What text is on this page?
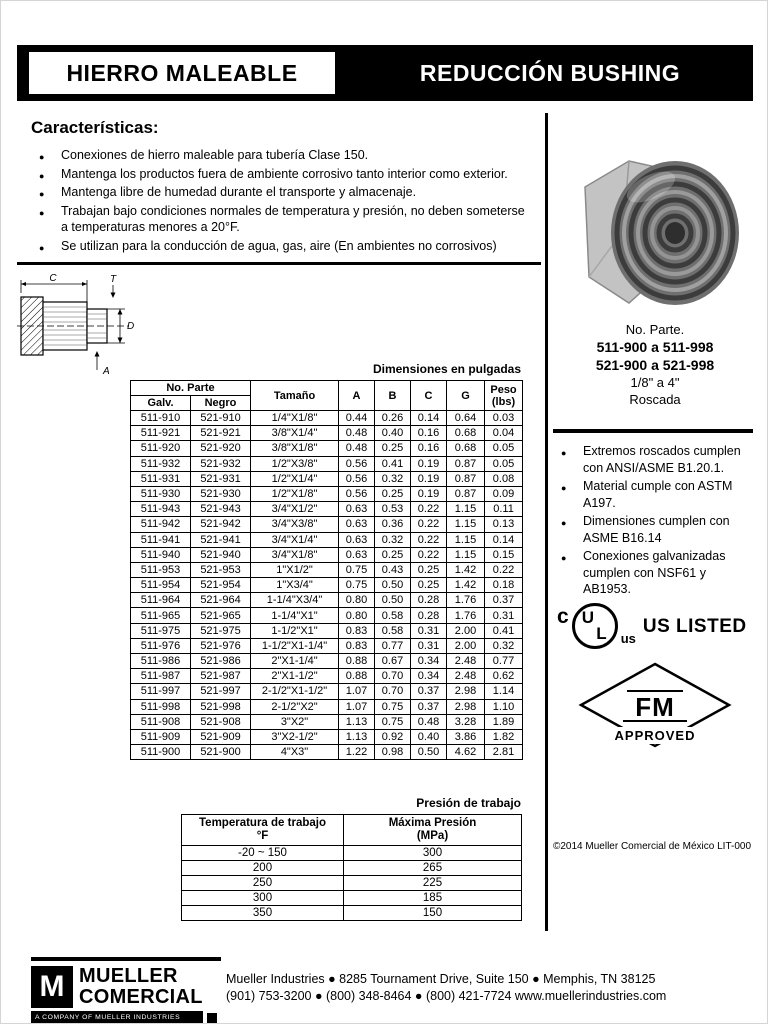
HIERRO MALEABLE	REDUCCIÓN BUSHING
Características:
● Conexiones de hierro maleable para tubería Clase 150.
● Mantenga los productos fuera de ambiente corrosivo tanto interior como exterior.
● Mantenga libre de humedad durante el transporte y almacenaje.
● Trabajan bajo condiciones normales de temperatura y presión, no deben someterse a temperaturas menores a 20°F.
● Se utilizan para la conducción de agua, gas, aire (En ambientes no corrosivos)
C	T
D
A	Dimensiones en pulgadas
No. Parte		Tamaño	A	B	C	G	Peso
(lbs)

Galv.	Negro						
511-910	521-910	1/4"X1/8"	0.44	0.26	0.14	0.64	0.03
511-921	521-921	3/8"X1/4"	0.48	0.40	0.16	0.68	0.04
511-920	521-920	3/8"X1/8"	0.48	0.25	0.16	0.68	0.05
511-932	521-932	1/2"X3/8"	0.56	0.41	0.19	0.87	0.05
511-931	521-931	1/2"X1/4"	0.56	0.32	0.19	0.87	0.08
511-930	521-930	1/2"X1/8"	0.56	0.25	0.19	0.87	0.09
511-943	521-943	3/4"X1/2"	0.63	0.53	0.22	1.15	0.11
511-942	521-942	3/4"X3/8"	0.63	0.36	0.22	1.15	0.13
511-941	521-941	3/4"X1/4"	0.63	0.32	0.22	1.15	0.14
511-940	521-940	3/4"X1/8"	0.63	0.25	0.22	1.15	0.15
511-953	521-953	1"X1/2"	0.75	0.43	0.25	1.42	0.22
511-954	521-954	1"X3/4"	0.75	0.50	0.25	1.42	0.18
511-964	521-964	1-1/4"X3/4"	0.80	0.50	0.28	1.76	0.37
511-965	521-965	1-1/4"X1"	0.80	0.58	0.28	1.76	0.31
511-975	521-975	1-1/2"X1"	0.83	0.58	0.31	2.00	0.41
511-976	521-976	1-1/2"X1-1/4"	0.83	0.77	0.31	2.00	0.32
511-986	521-986	2"X1-1/4"	0.88	0.67	0.34	2.48	0.77
511-987	521-987	2"X1-1/2"	0.88	0.70	0.34	2.48	0.62
511-997	521-997	2-1/2"X1-1/2"	1.07	0.70	0.37	2.98	1.14
511-998	521-998	2-1/2"X2"	1.07	0.75	0.37	2.98	1.10
511-908	521-908	3"X2"	1.13	0.75	0.48	3.28	1.89
511-909	521-909	3"X2-1/2"	1.13	0.92	0.40	3.86	1.82
511-900	521-900	4"X3"	1.22	0.98	0.50	4.62	2.81
Presión de trabajo
Temperatura de trabajo
°F	Máxima Presión
(MPa)

-20 ~ 150	300
200	265
250	225
300	185
350	150
No. Parte.
511-900 a 511-998
521-900 a 521-998
1/8" a 4"
Roscada
● Extremos roscados cumplen con ANSI/ASME B1.20.1.
● Material cumple con ASTM A197.
● Dimensiones cumplen con ASME B16.14
● Conexiones galvanizadas cumplen con NSF61 y AB1953.
c U
L us
US LISTED
FM
APPROVED
©2014 Mueller Comercial de México LIT-000
M MUELLER
COMERCIAL
A COMPANY OF MUELLER INDUSTRIES
Mueller Industries ● 8285 Tournament Drive, Suite 150 ● Memphis, TN 38125
(901) 753-3200 ● (800) 348-8464 ● (800) 421-7724 www.muellerindustries.com
